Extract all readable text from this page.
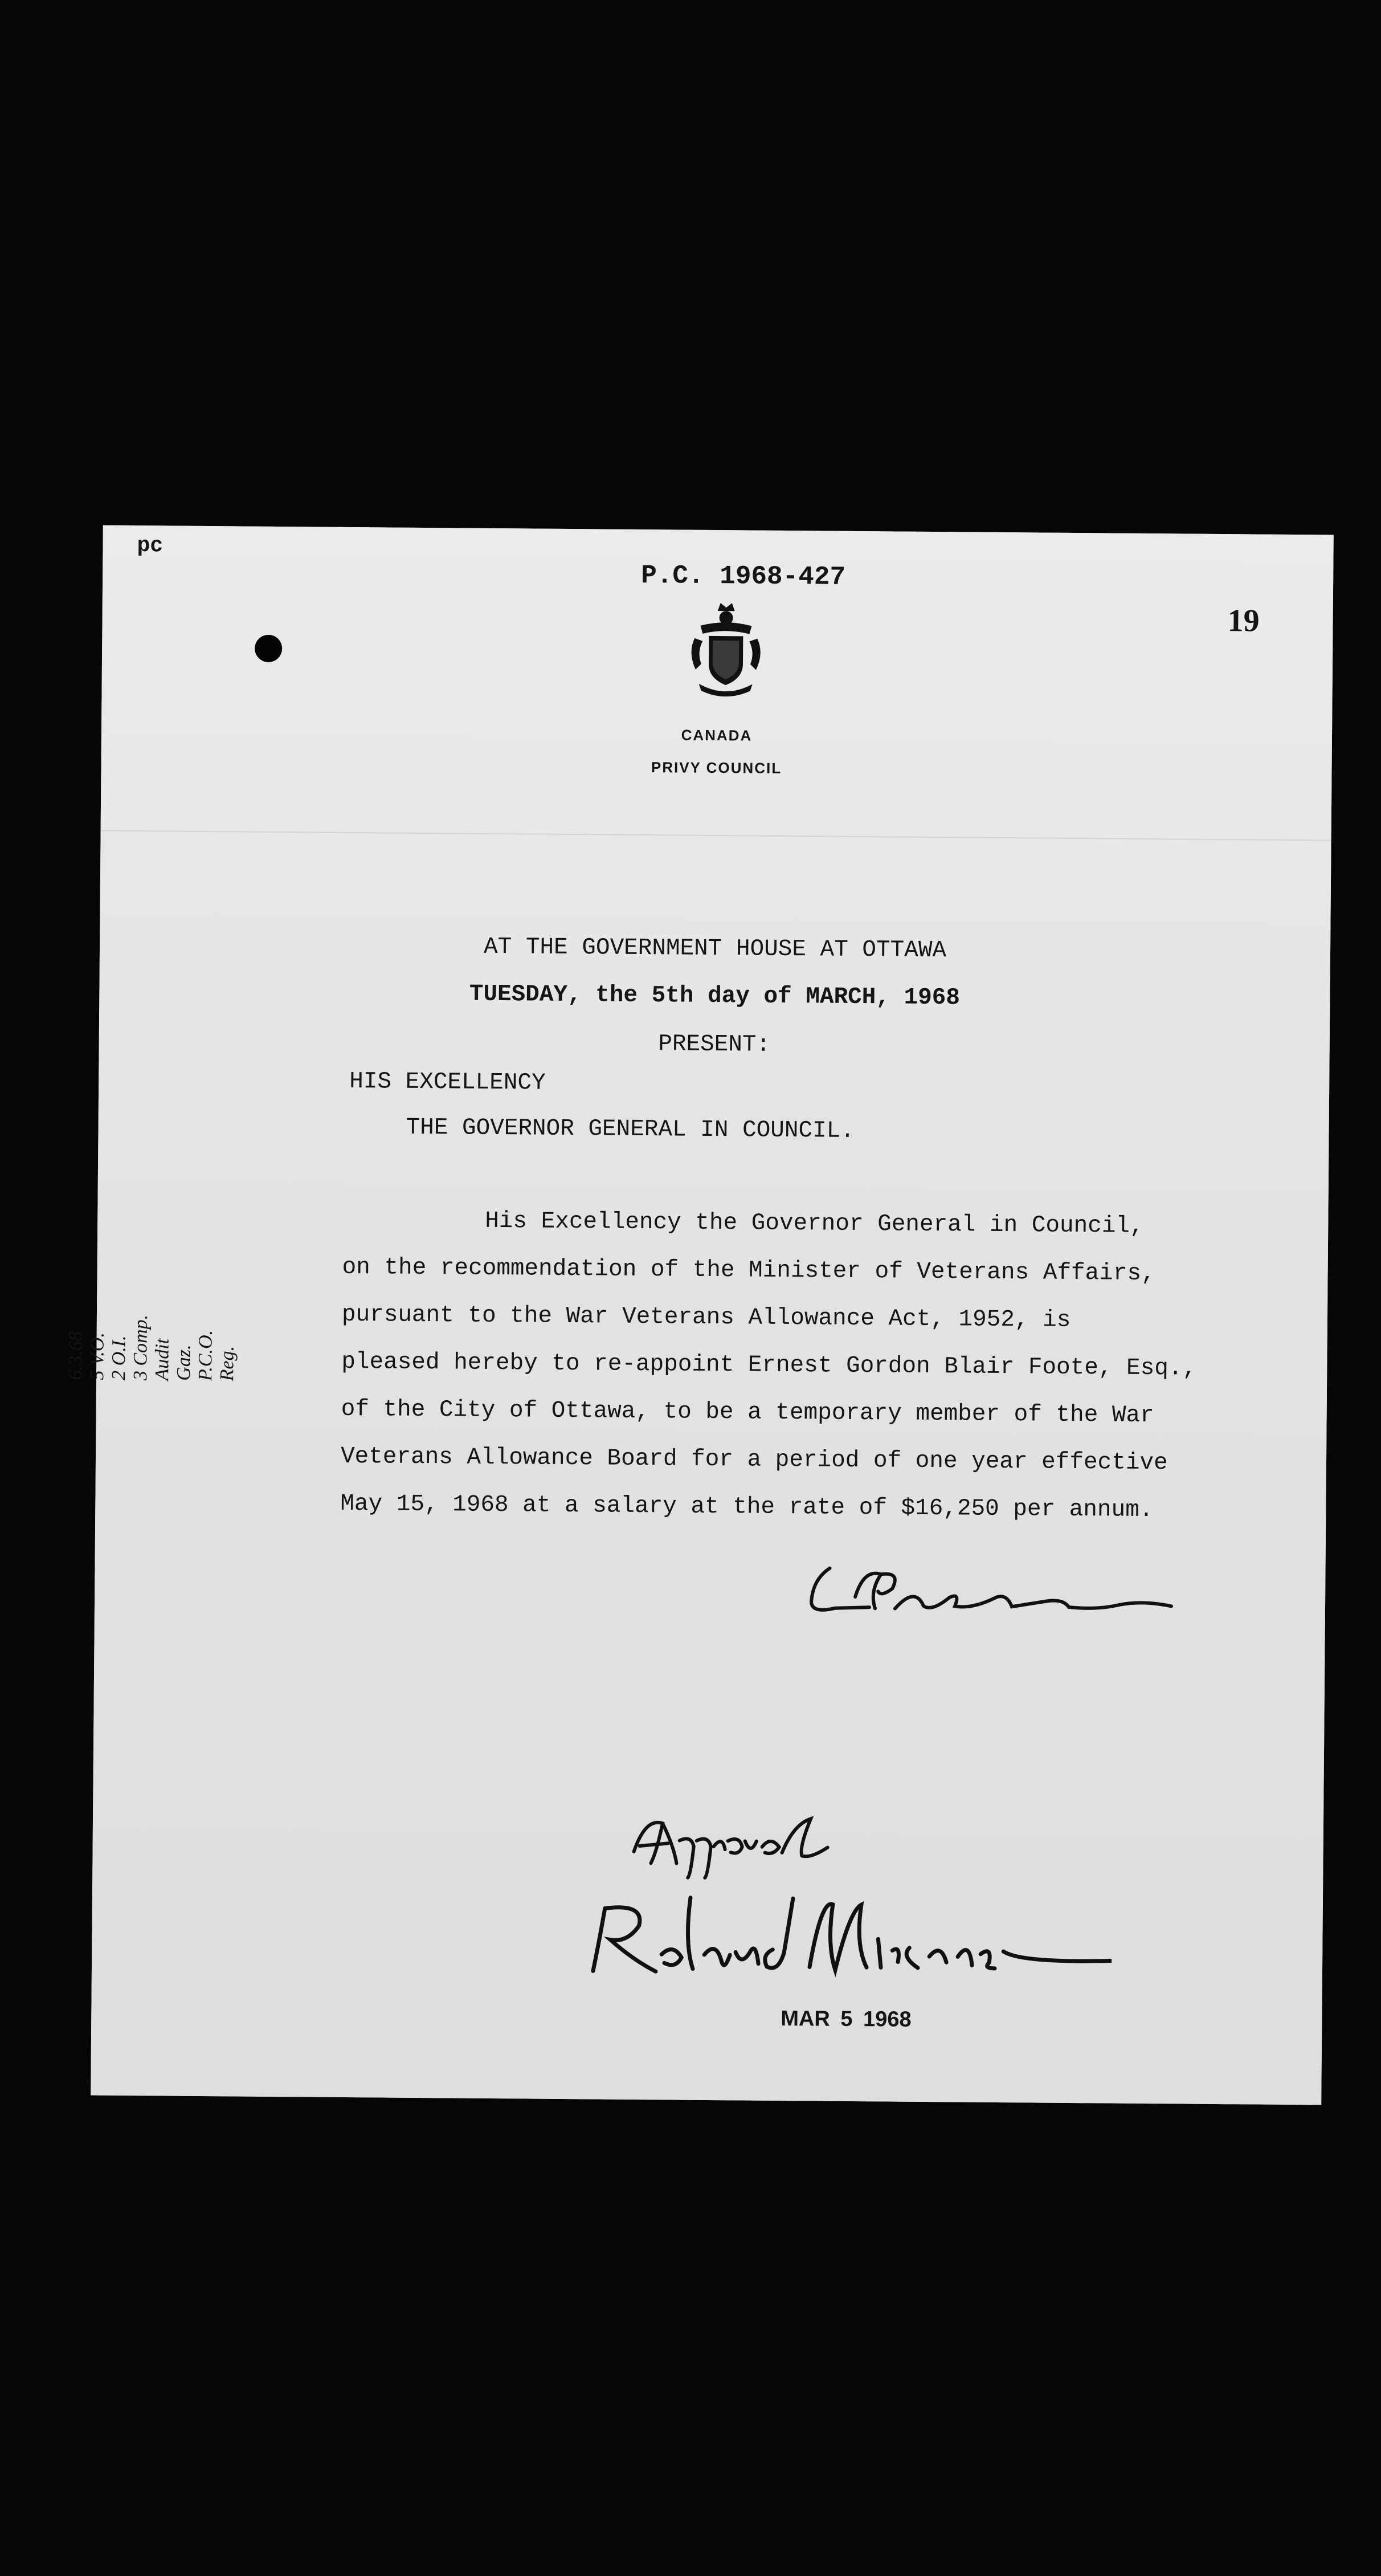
pc
P.C. 1968-427
19
CANADA
PRIVY COUNCIL
AT THE GOVERNMENT HOUSE AT OTTAWA
TUESDAY, the 5th day of MARCH, 1968
PRESENT:
HIS EXCELLENCY
THE GOVERNOR GENERAL IN COUNCIL.
His Excellency the Governor General in Council,
on the recommendation of the Minister of Veterans Affairs,
pursuant to the War Veterans Allowance Act, 1952, is
pleased hereby to re-appoint Ernest Gordon Blair Foote, Esq.,
of the City of Ottawa, to be a temporary member of the War
Veterans Allowance Board for a period of one year effective
May 15, 1968 at a salary at the rate of $16,250 per annum.
6.3.68 5 V.O. 2 O.I. 3 Comp. Audit Gaz. P.C.O. Reg.
MAR 5 1968
